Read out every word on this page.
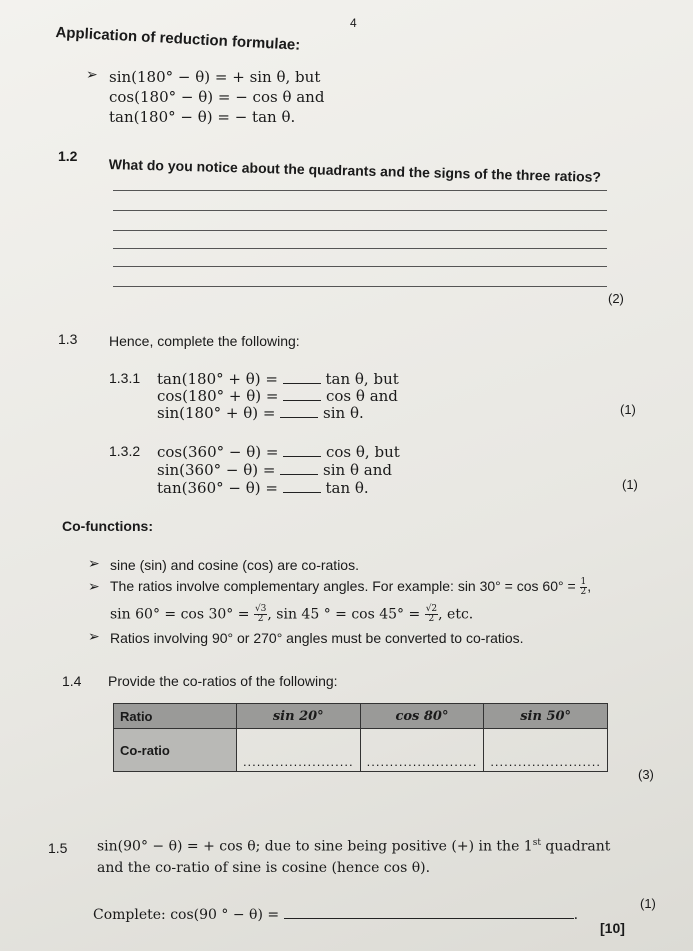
4
Application of reduction formulae:
➢ sin(180° − θ) = + sin θ, but
cos(180° − θ) = − cos θ and
tan(180° − θ) = − tan θ.
1.2 What do you notice about the quadrants and the signs of the three ratios?
(2)
1.3 Hence, complete the following:
1.3.1 tan(180° + θ) =	tan θ, but
cos(180° + θ) =	cos θ and
sin(180° + θ) =	sin θ.	(1)
1.3.2 cos(360° − θ) =	cos θ, but
sin(360° − θ) =	sin θ and
tan(360° − θ) =	tan θ.	(1)
Co-functions:
➢ sine (sin) and cosine (cos) are co-ratios.
➢ The ratios involve complementary angles. For example: $\sin 30^\circ = \cos 60^\circ = \frac{1}{2}$ ,
$\sin 60^\circ = \cos 30^\circ = \frac{√3}{2}$ , sin 45 ° = $\cos 45^\circ = \frac{√2}{2}$ , etc.
➢ Ratios involving 90° or 270° angles must be converted to co-ratios.
1.4 Provide the co-ratios of the following:
Ratio	sin 20°	cos 80°	sin 50°
Co-ratio	........................	........................	........................
(3)
1.5 sin(90° − θ) = + cos θ; due to sine being positive (+) in the 1st quadrant
and the co-ratio of sine is cosine (hence cos θ).
Complete: cos(90 ° − θ) =	.
(1)
[10]
